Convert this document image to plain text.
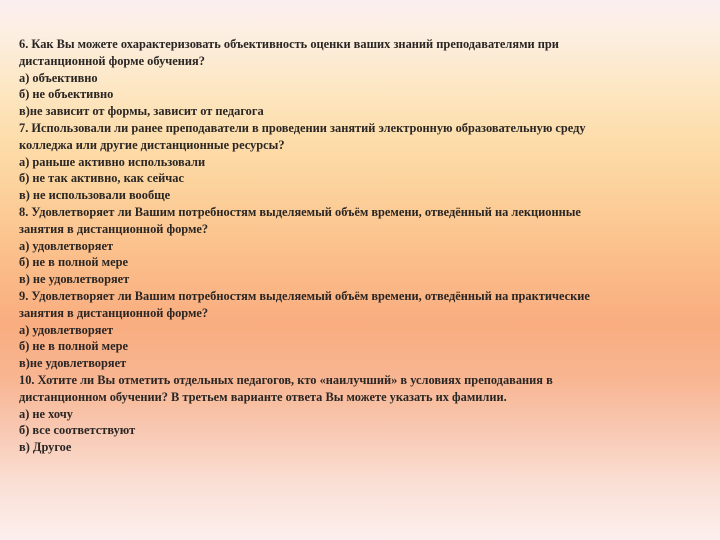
6. Как Вы можете охарактеризовать объективность оценки ваших знаний преподавателями при
дистанционной форме обучения?
а) объективно
б) не объективно
в)не зависит от формы, зависит от педагога
7. Использовали ли ранее преподаватели в проведении занятий электронную образовательную среду
колледжа или другие дистанционные ресурсы?
а) раньше активно использовали
б) не так активно, как сейчас
в) не использовали вообще
8. Удовлетворяет ли Вашим потребностям выделяемый объём времени, отведённый на лекционные
занятия в дистанционной форме?
а) удовлетворяет
б) не в полной мере
в) не удовлетворяет
9. Удовлетворяет ли Вашим потребностям выделяемый объём времени, отведённый на практические
занятия в дистанционной форме?
а) удовлетворяет
б) не в полной мере
в)не удовлетворяет
10. Хотите ли Вы отметить отдельных педагогов, кто «наилучший» в условиях преподавания в
дистанционном обучении? В третьем варианте ответа Вы можете указать их фамилии.
а) не хочу
б) все соответствуют
в) Другое
